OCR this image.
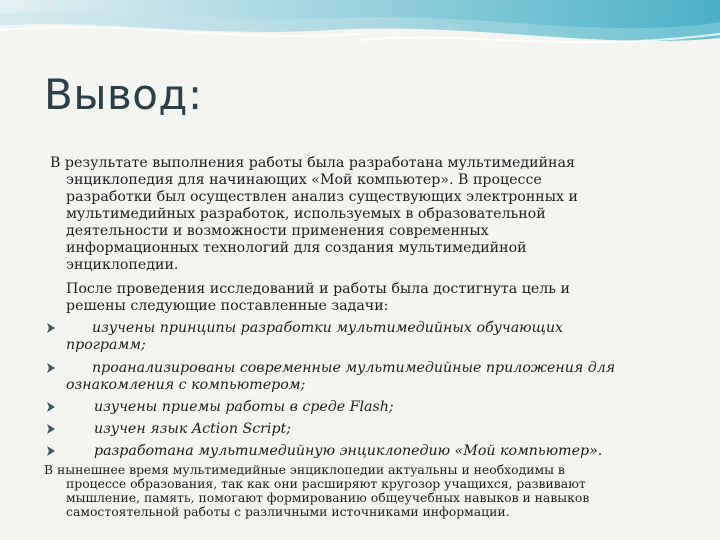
Вывод:
В результате выполнения работы была разработана мультимедийная
энциклопедия для начинающих «Мой компьютер». В процессе
разработки был осуществлен анализ существующих электронных и
мультимедийных разработок, используемых в образовательной
деятельности и возможности применения современных
информационных технологий для создания мультимедийной
энциклопедии.
После проведения исследований и работы была достигнута цель и
решены следующие поставленные задачи:
изучены принципы разработки мультимедийных обучающих
программ;
проанализированы современные мультимедийные приложения для
ознакомления с компьютером;
изучены приемы работы в среде Flash;
изучен язык Action Script;
разработана мультимедийную энциклопедию «Мой компьютер».
В нынешнее время мультимедийные энциклопедии актуальны и необходимы в
процессе образования, так как они расширяют кругозор учащихся, развивают
мышление, память, помогают формированию общеучебных навыков и навыков
самостоятельной работы с различными источниками информации.
